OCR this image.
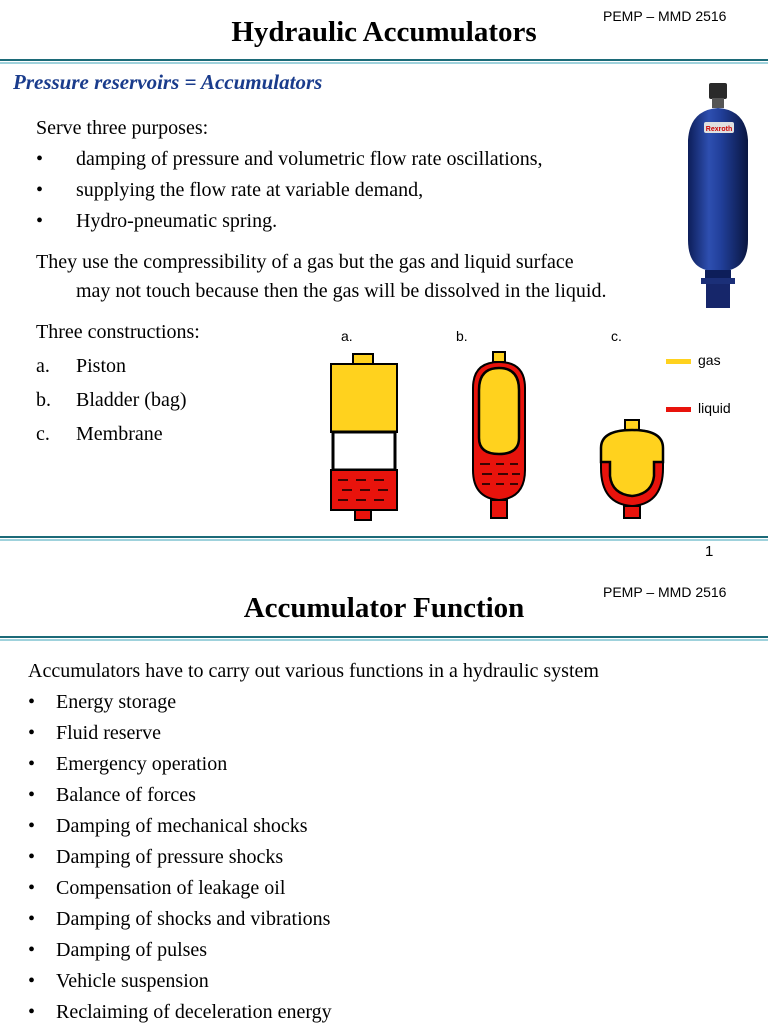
PEMP – MMD 2516
Hydraulic Accumulators
Pressure reservoirs = Accumulators
Serve three purposes:
•	damping of pressure and volumetric flow rate oscillations,
•	supplying the flow rate at variable demand,
•	Hydro-pneumatic spring.
They use the compressibility of a gas but the gas and liquid surface
may not touch because then the gas will be dissolved in the liquid.
Three constructions:
a. Piston
b. Bladder (bag)
c. Membrane
Rexroth
a.	b.	c.
gas
liquid
1
PEMP – MMD 2516
Accumulator Function
Accumulators have to carry out various functions in a hydraulic system
•	Energy storage
•	Fluid reserve
•	Emergency operation
•	Balance of forces
•	Damping of mechanical shocks
•	Damping of pressure shocks
•	Compensation of leakage oil
•	Damping of shocks and vibrations
•	Damping of pulses
•	Vehicle suspension
•	Reclaiming of deceleration energy
